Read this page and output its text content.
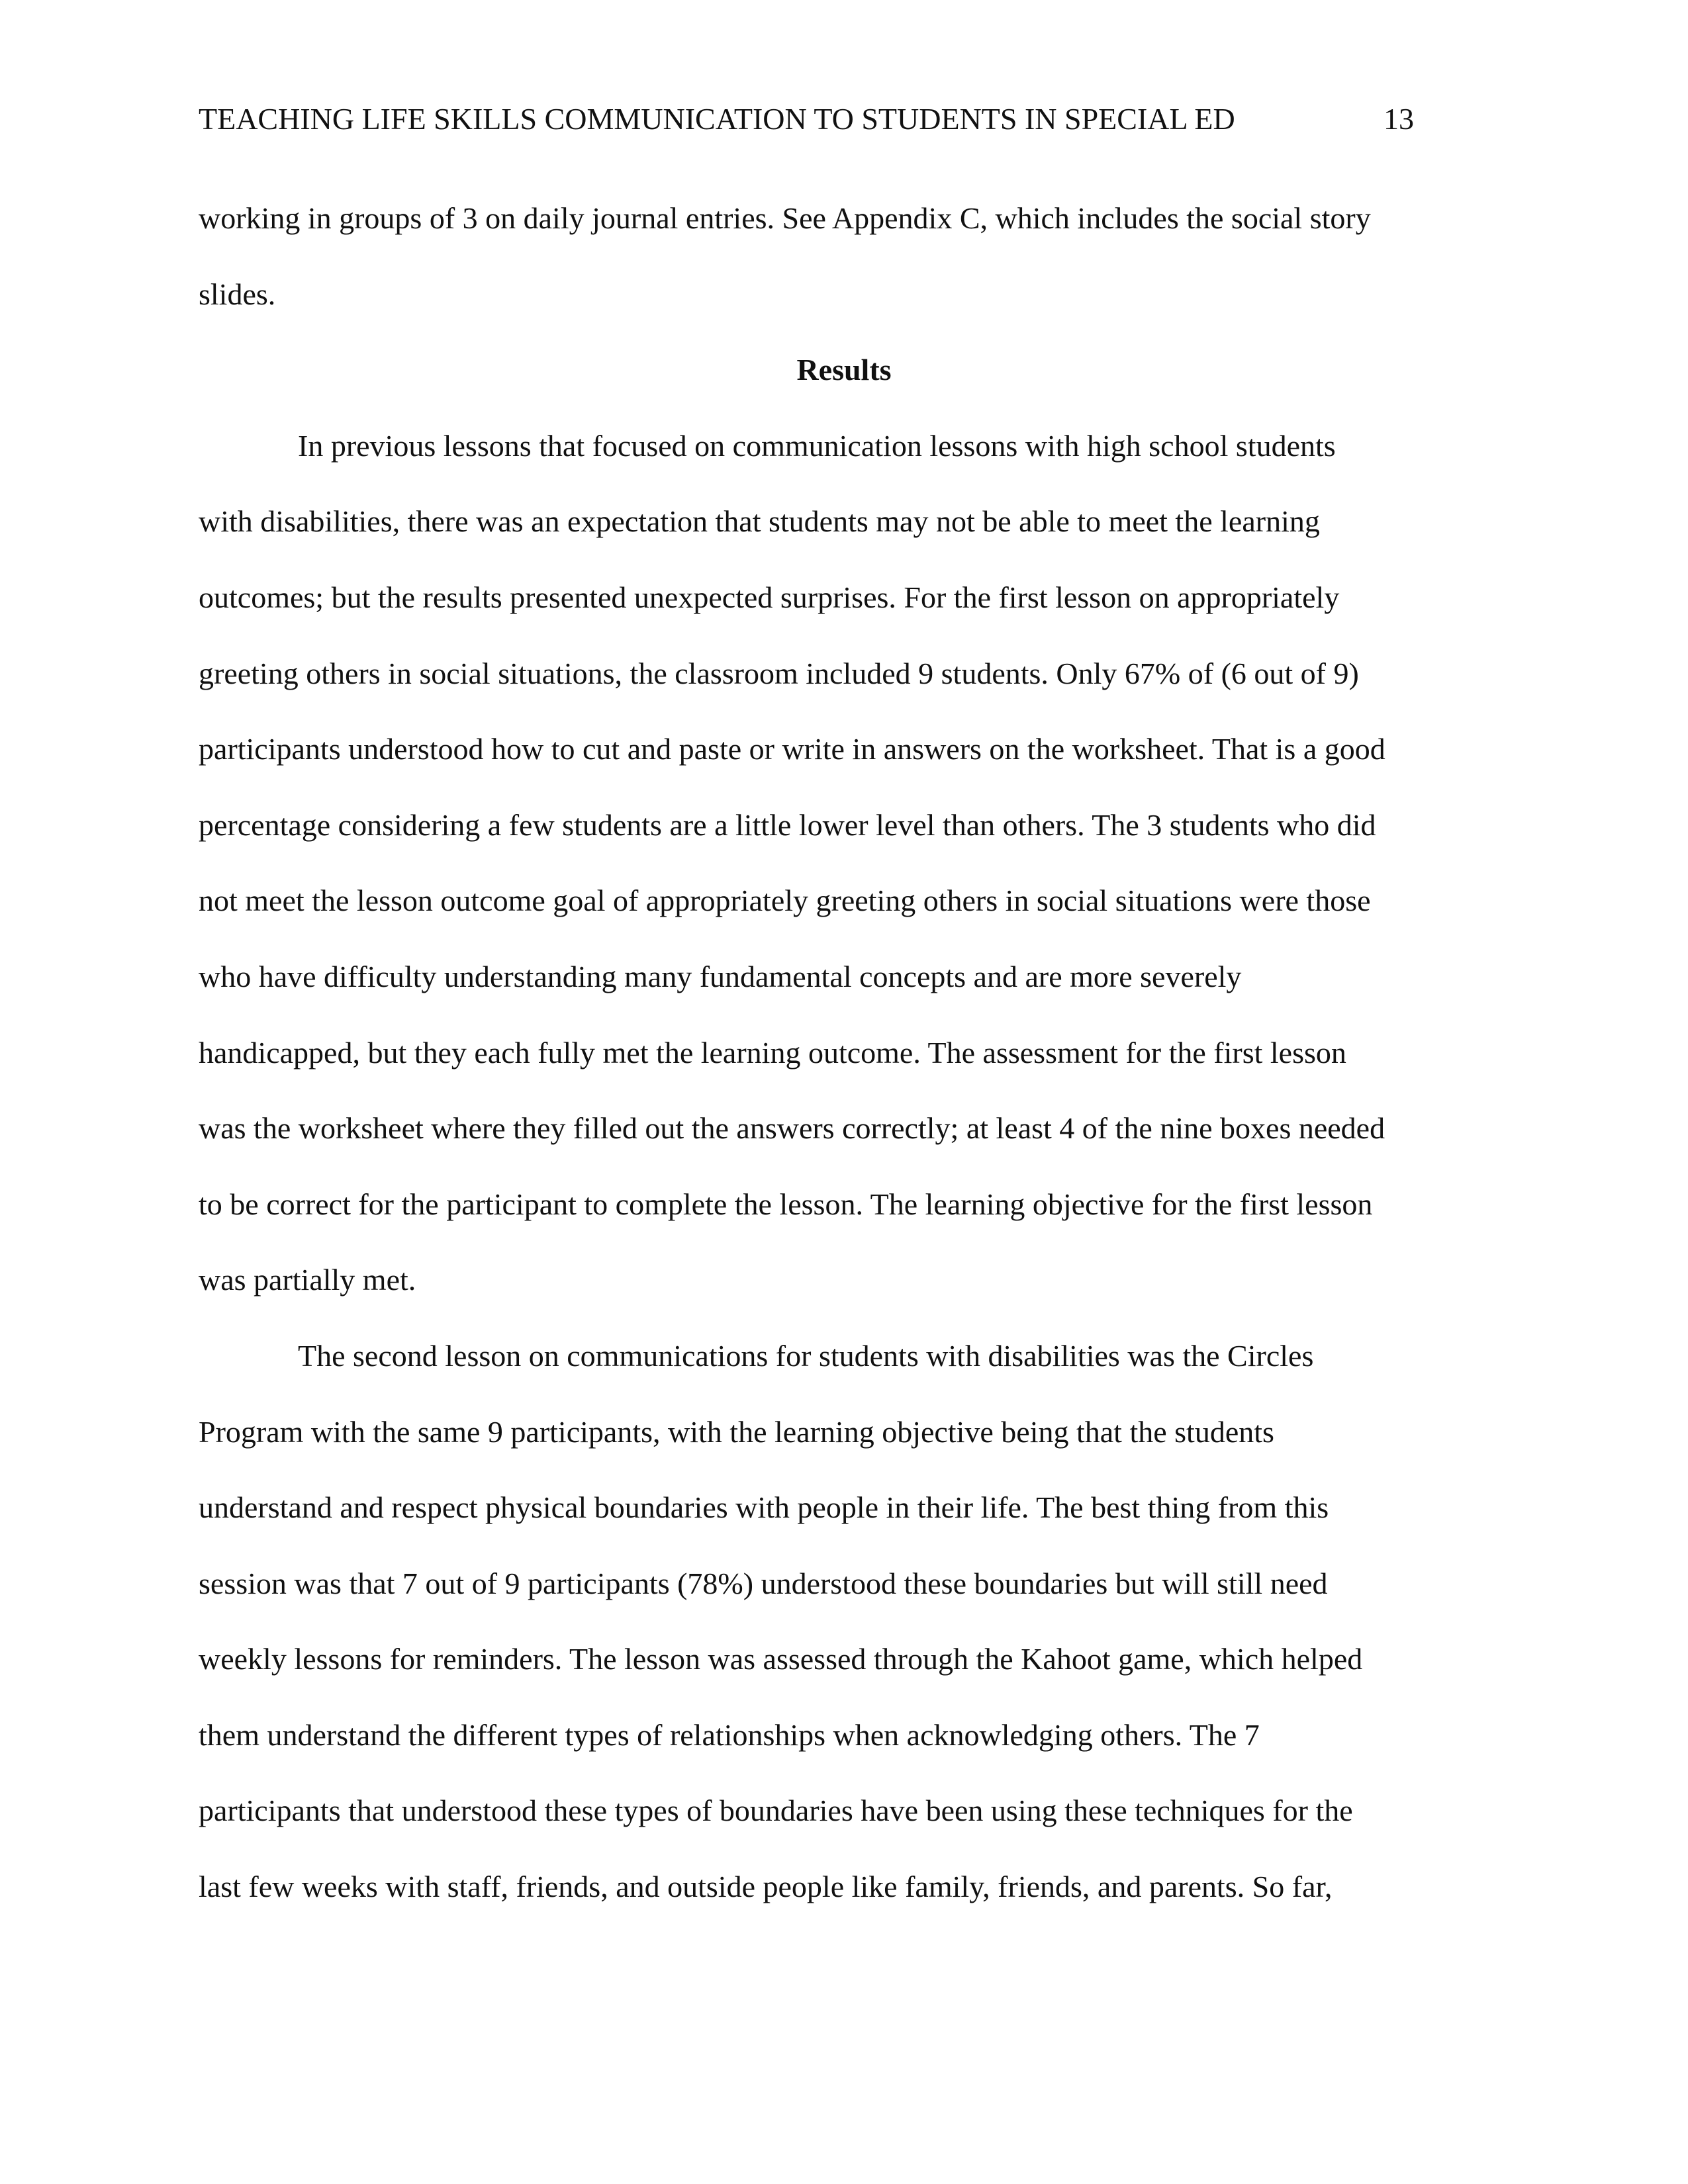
TEACHING LIFE SKILLS COMMUNICATION TO STUDENTS IN SPECIAL ED	13
working in groups of 3 on daily journal entries. See Appendix C, which includes the social story
slides.
Results
In previous lessons that focused on communication lessons with high school students
with disabilities, there was an expectation that students may not be able to meet the learning
outcomes; but the results presented unexpected surprises. For the first lesson on appropriately
greeting others in social situations, the classroom included 9 students. Only 67% of (6 out of 9)
participants understood how to cut and paste or write in answers on the worksheet. That is a good
percentage considering a few students are a little lower level than others. The 3 students who did
not meet the lesson outcome goal of appropriately greeting others in social situations were those
who have difficulty understanding many fundamental concepts and are more severely
handicapped, but they each fully met the learning outcome. The assessment for the first lesson
was the worksheet where they filled out the answers correctly; at least 4 of the nine boxes needed
to be correct for the participant to complete the lesson. The learning objective for the first lesson
was partially met.
The second lesson on communications for students with disabilities was the Circles
Program with the same 9 participants, with the learning objective being that the students
understand and respect physical boundaries with people in their life. The best thing from this
session was that 7 out of 9 participants (78%) understood these boundaries but will still need
weekly lessons for reminders. The lesson was assessed through the Kahoot game, which helped
them understand the different types of relationships when acknowledging others. The 7
participants that understood these types of boundaries have been using these techniques for the
last few weeks with staff, friends, and outside people like family, friends, and parents. So far,
